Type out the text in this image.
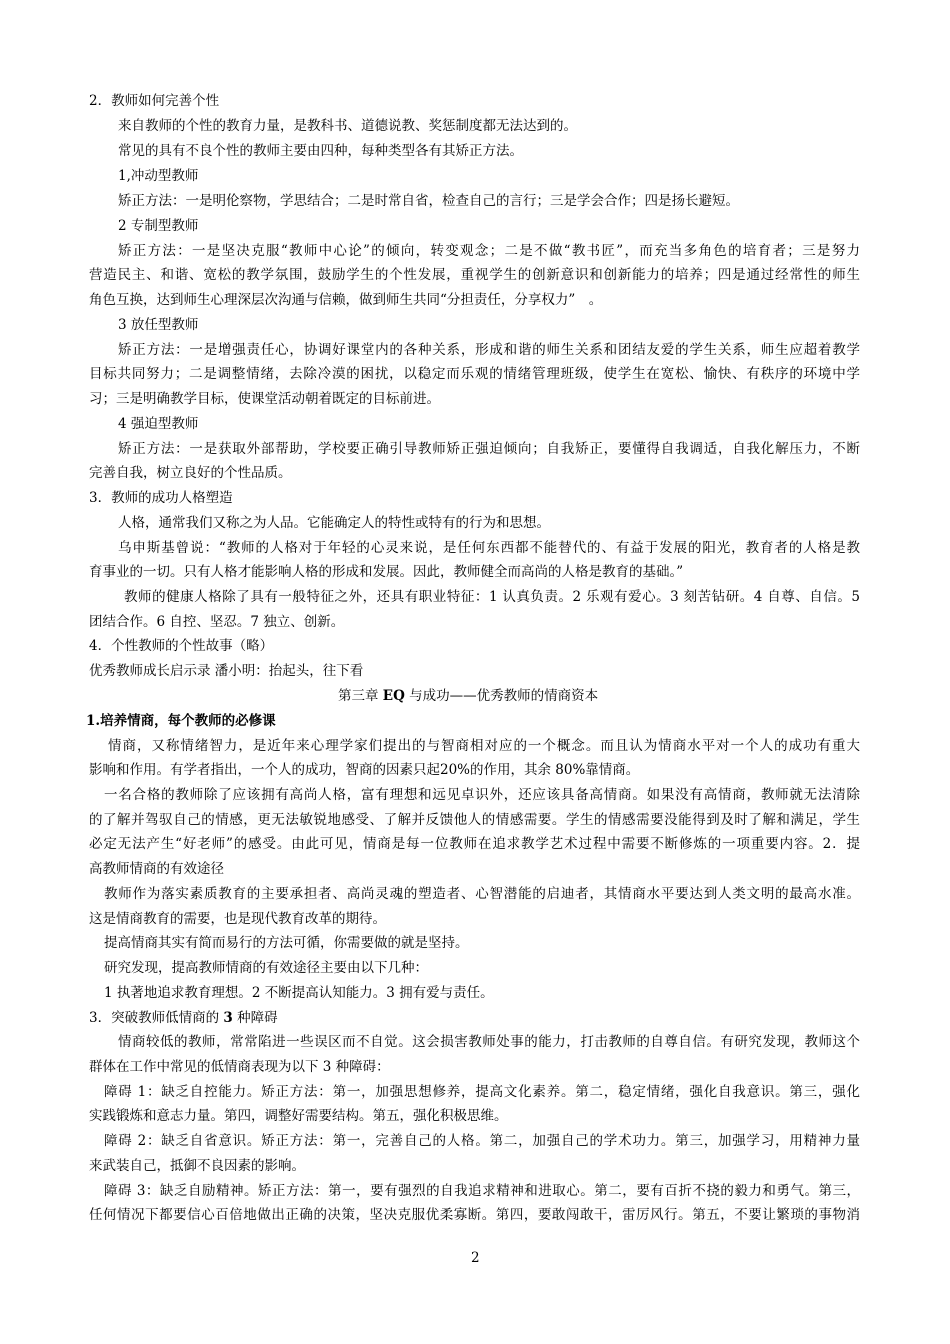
2．教师如何完善个性
来自教师的个性的教育力量，是教科书、道德说教、奖惩制度都无法达到的。
常见的具有不良个性的教师主要由四种，每种类型各有其矫正方法。
1,冲动型教师
矫正方法：一是明伦察物，学思结合；二是时常自省，检查自己的言行；三是学会合作；四是扬长避短。
2 专制型教师
矫正方法：一是坚决克服“教师中心论”的倾向，转变观念；二是不做“教书匠”，而充当多角色的培育者；三是努力
营造民主、和谐、宽松的教学氛围，鼓励学生的个性发展，重视学生的创新意识和创新能力的培养；四是通过经常性的师生
角色互换，达到师生心理深层次沟通与信赖，做到师生共同“分担责任，分享权力”　。
3 放任型教师
矫正方法：一是增强责任心，协调好课堂内的各种关系，形成和谐的师生关系和团结友爱的学生关系，师生应超着教学
目标共同努力；二是调整情绪，去除冷漠的困扰，以稳定而乐观的情绪管理班级，使学生在宽松、愉快、有秩序的环境中学
习；三是明确教学目标，使课堂活动朝着既定的目标前进。
4 强迫型教师
矫正方法：一是获取外部帮助，学校要正确引导教师矫正强迫倾向；自我矫正，要懂得自我调适，自我化解压力，不断
完善自我，树立良好的个性品质。
3．教师的成功人格塑造
人格，通常我们又称之为人品。它能确定人的特性或特有的行为和思想。
乌申斯基曾说：“教师的人格对于年轻的心灵来说，是任何东西都不能替代的、有益于发展的阳光，教育者的人格是教
育事业的一切。只有人格才能影响人格的形成和发展。因此，教师健全而高尚的人格是教育的基础。”
教师的健康人格除了具有一般特征之外，还具有职业特征：1 认真负责。2 乐观有爱心。3 刻苦钻研。4 自尊、自信。5
团结合作。6 自控、坚忍。7 独立、创新。
4．个性教师的个性故事（略）
优秀教师成长启示录 潘小明：抬起头，往下看
第三章 EQ 与成功——优秀教师的情商资本
1.培养情商，每个教师的必修课
情商，又称情绪智力，是近年来心理学家们提出的与智商相对应的一个概念。而且认为情商水平对一个人的成功有重大
影响和作用。有学者指出，一个人的成功，智商的因素只起20%的作用，其余 80%靠情商。
一名合格的教师除了应该拥有高尚人格，富有理想和远见卓识外，还应该具备高情商。如果没有高情商，教师就无法清除
的了解并驾驭自己的情感，更无法敏锐地感受、了解并反馈他人的情感需要。学生的情感需要没能得到及时了解和满足，学生
必定无法产生“好老师”的感受。由此可见，情商是每一位教师在追求教学艺术过程中需要不断修炼的一项重要内容。2．提
高教师情商的有效途径
教师作为落实素质教育的主要承担者、高尚灵魂的塑造者、心智潜能的启迪者，其情商水平要达到人类文明的最高水准。
这是情商教育的需要，也是现代教育改革的期待。
提高情商其实有简而易行的方法可循，你需要做的就是坚持。
研究发现，提高教师情商的有效途径主要由以下几种：
1 执著地追求教育理想。2 不断提高认知能力。3 拥有爱与责任。
3．突破教师低情商的 3 种障碍
情商较低的教师，常常陷进一些误区而不自觉。这会损害教师处事的能力，打击教师的自尊自信。有研究发现，教师这个
群体在工作中常见的低情商表现为以下 3 种障碍：
障碍 1：缺乏自控能力。矫正方法：第一，加强思想修养，提高文化素养。第二，稳定情绪，强化自我意识。第三，强化
实践锻炼和意志力量。第四，调整好需要结构。第五，强化积极思维。
障碍 2：缺乏自省意识。矫正方法：第一，完善自己的人格。第二，加强自己的学术功力。第三，加强学习，用精神力量
来武装自己，抵御不良因素的影响。
障碍 3：缺乏自励精神。矫正方法：第一，要有强烈的自我追求精神和进取心。第二，要有百折不挠的毅力和勇气。第三，
任何情况下都要信心百倍地做出正确的决策，坚决克服优柔寡断。第四，要敢闯敢干，雷厉风行。第五，不要让繁琐的事物消
2
